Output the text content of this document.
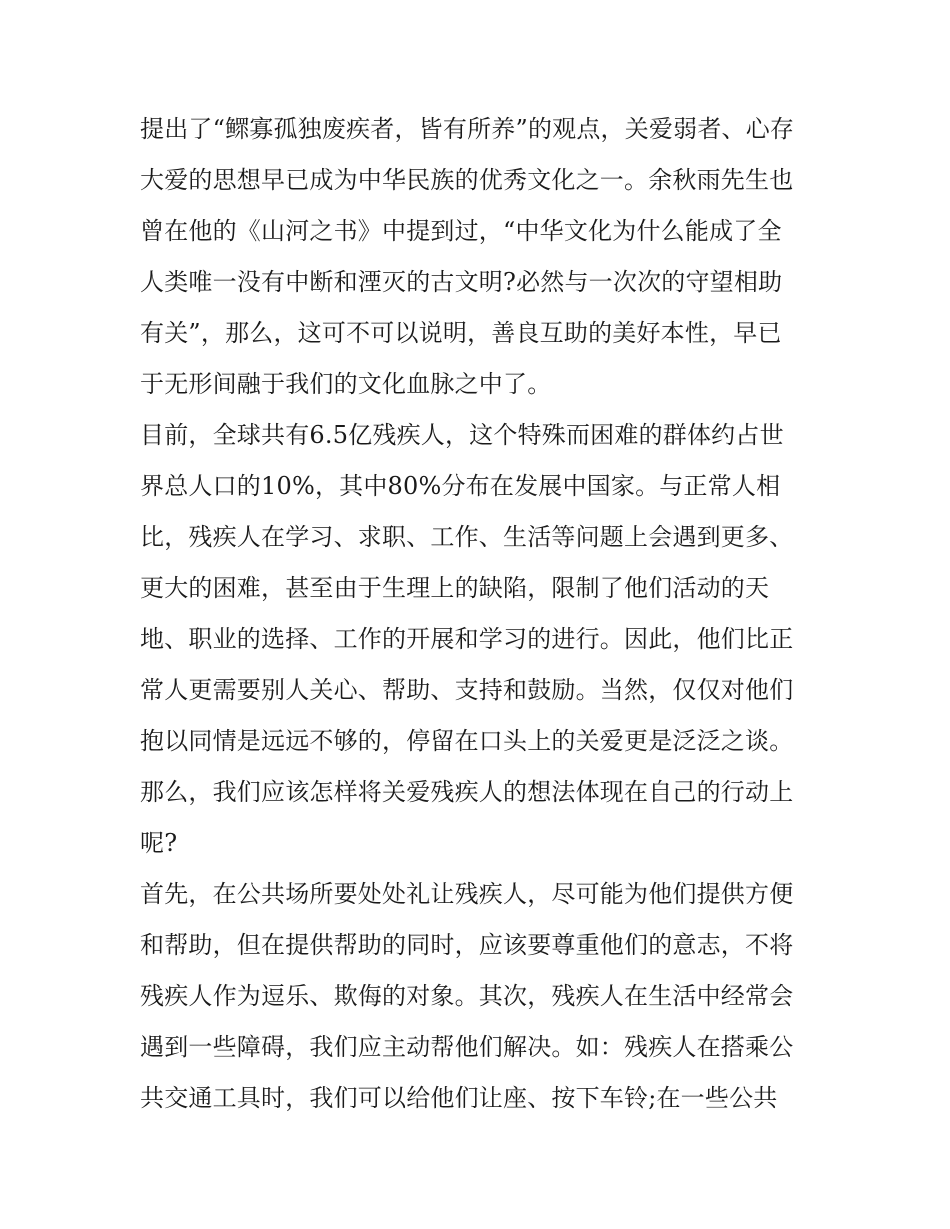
提出了“鳏寡孤独废疾者，皆有所养”的观点，关爱弱者、心存
大爱的思想早已成为中华民族的优秀文化之一。余秋雨先生也
曾在他的《山河之书》中提到过，“中华文化为什么能成了全
人类唯一没有中断和湮灭的古文明?必然与一次次的守望相助
有关”，那么，这可不可以说明，善良互助的美好本性，早已
于无形间融于我们的文化血脉之中了。
目前，全球共有6.5亿残疾人，这个特殊而困难的群体约占世
界总人口的10%，其中80%分布在发展中国家。与正常人相
比，残疾人在学习、求职、工作、生活等问题上会遇到更多、
更大的困难，甚至由于生理上的缺陷，限制了他们活动的天
地、职业的选择、工作的开展和学习的进行。因此，他们比正
常人更需要别人关心、帮助、支持和鼓励。当然，仅仅对他们
抱以同情是远远不够的，停留在口头上的关爱更是泛泛之谈。
那么，我们应该怎样将关爱残疾人的想法体现在自己的行动上
呢?
首先，在公共场所要处处礼让残疾人，尽可能为他们提供方便
和帮助，但在提供帮助的同时，应该要尊重他们的意志，不将
残疾人作为逗乐、欺侮的对象。其次，残疾人在生活中经常会
遇到一些障碍，我们应主动帮他们解决。如：残疾人在搭乘公
共交通工具时，我们可以给他们让座、按下车铃;在一些公共
